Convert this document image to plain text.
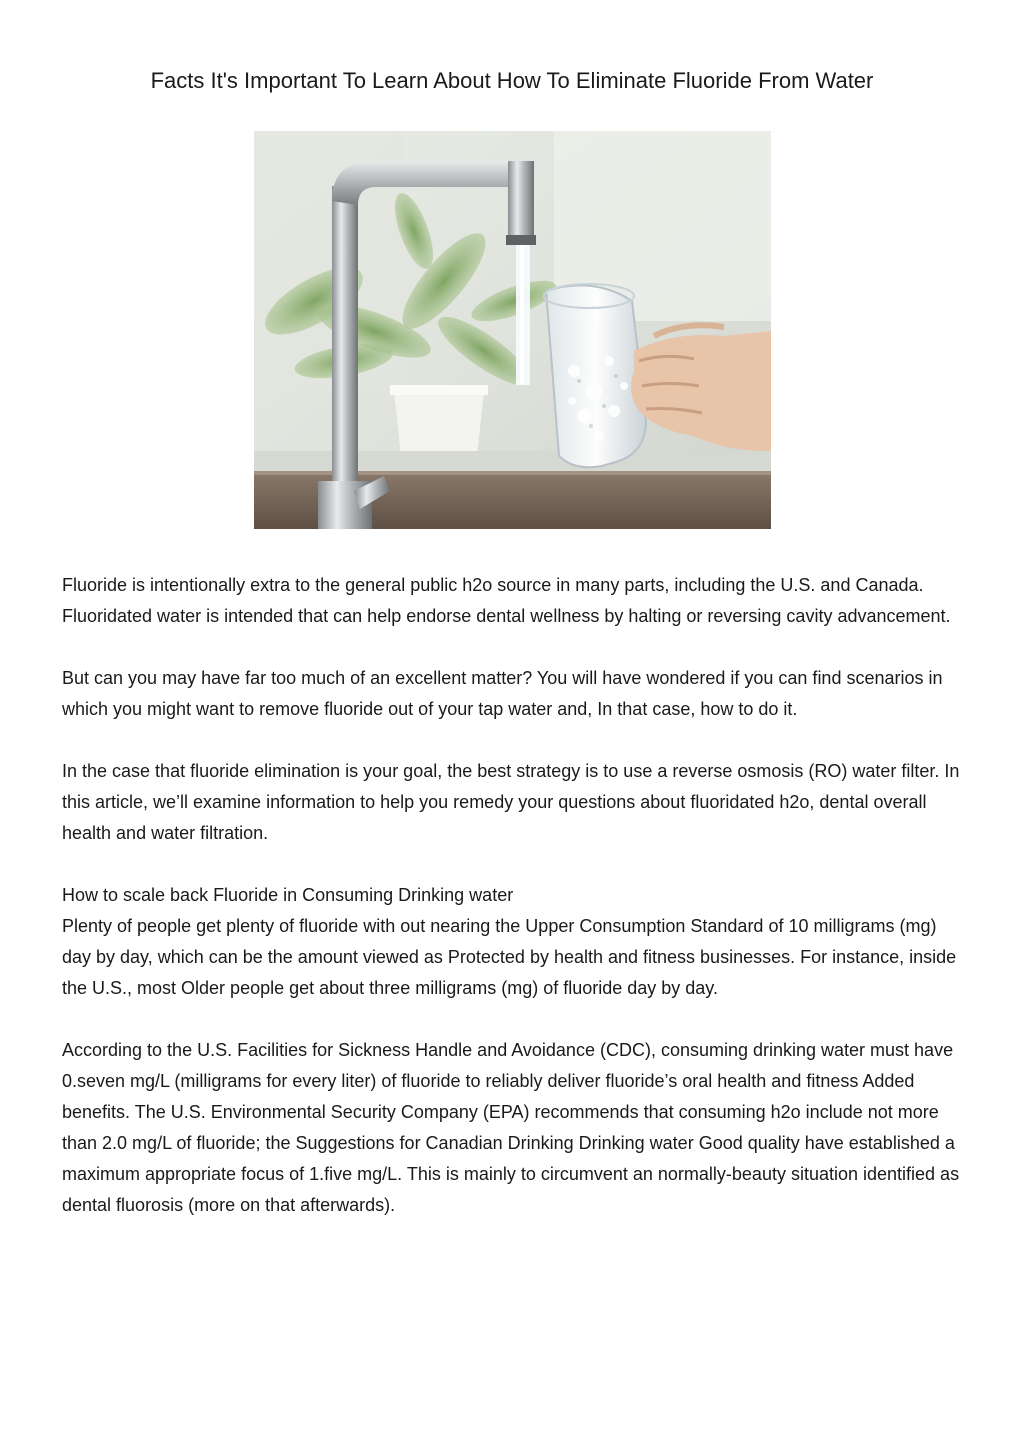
Facts It's Important To Learn About How To Eliminate Fluoride From Water

Fluoride is intentionally extra to the general public h2o source in many parts, including the U.S. and Canada. Fluoridated water is intended that can help endorse dental wellness by halting or reversing cavity advancement.

But can you may have far too much of an excellent matter? You will have wondered if you can find scenarios in which you might want to remove fluoride out of your tap water and, In that case, how to do it.

In the case that fluoride elimination is your goal, the best strategy is to use a reverse osmosis (RO) water filter. In this article, we’ll examine information to help you remedy your questions about fluoridated h2o, dental overall health and water filtration.

How to scale back Fluoride in Consuming Drinking water

Plenty of people get plenty of fluoride with out nearing the Upper Consumption Standard of 10 milligrams (mg) day by day, which can be the amount viewed as Protected by health and fitness businesses. For instance, inside the U.S., most Older people get about three milligrams (mg) of fluoride day by day.

According to the U.S. Facilities for Sickness Handle and Avoidance (CDC), consuming drinking water must have 0.seven mg/L (milligrams for every liter) of fluoride to reliably deliver fluoride’s oral health and fitness Added benefits. The U.S. Environmental Security Company (EPA) recommends that consuming h2o include not more than 2.0 mg/L of fluoride; the Suggestions for Canadian Drinking Drinking water Good quality have established a maximum appropriate focus of 1.five mg/L. This is mainly to circumvent an normally-beauty situation identified as dental fluorosis (more on that afterwards).
